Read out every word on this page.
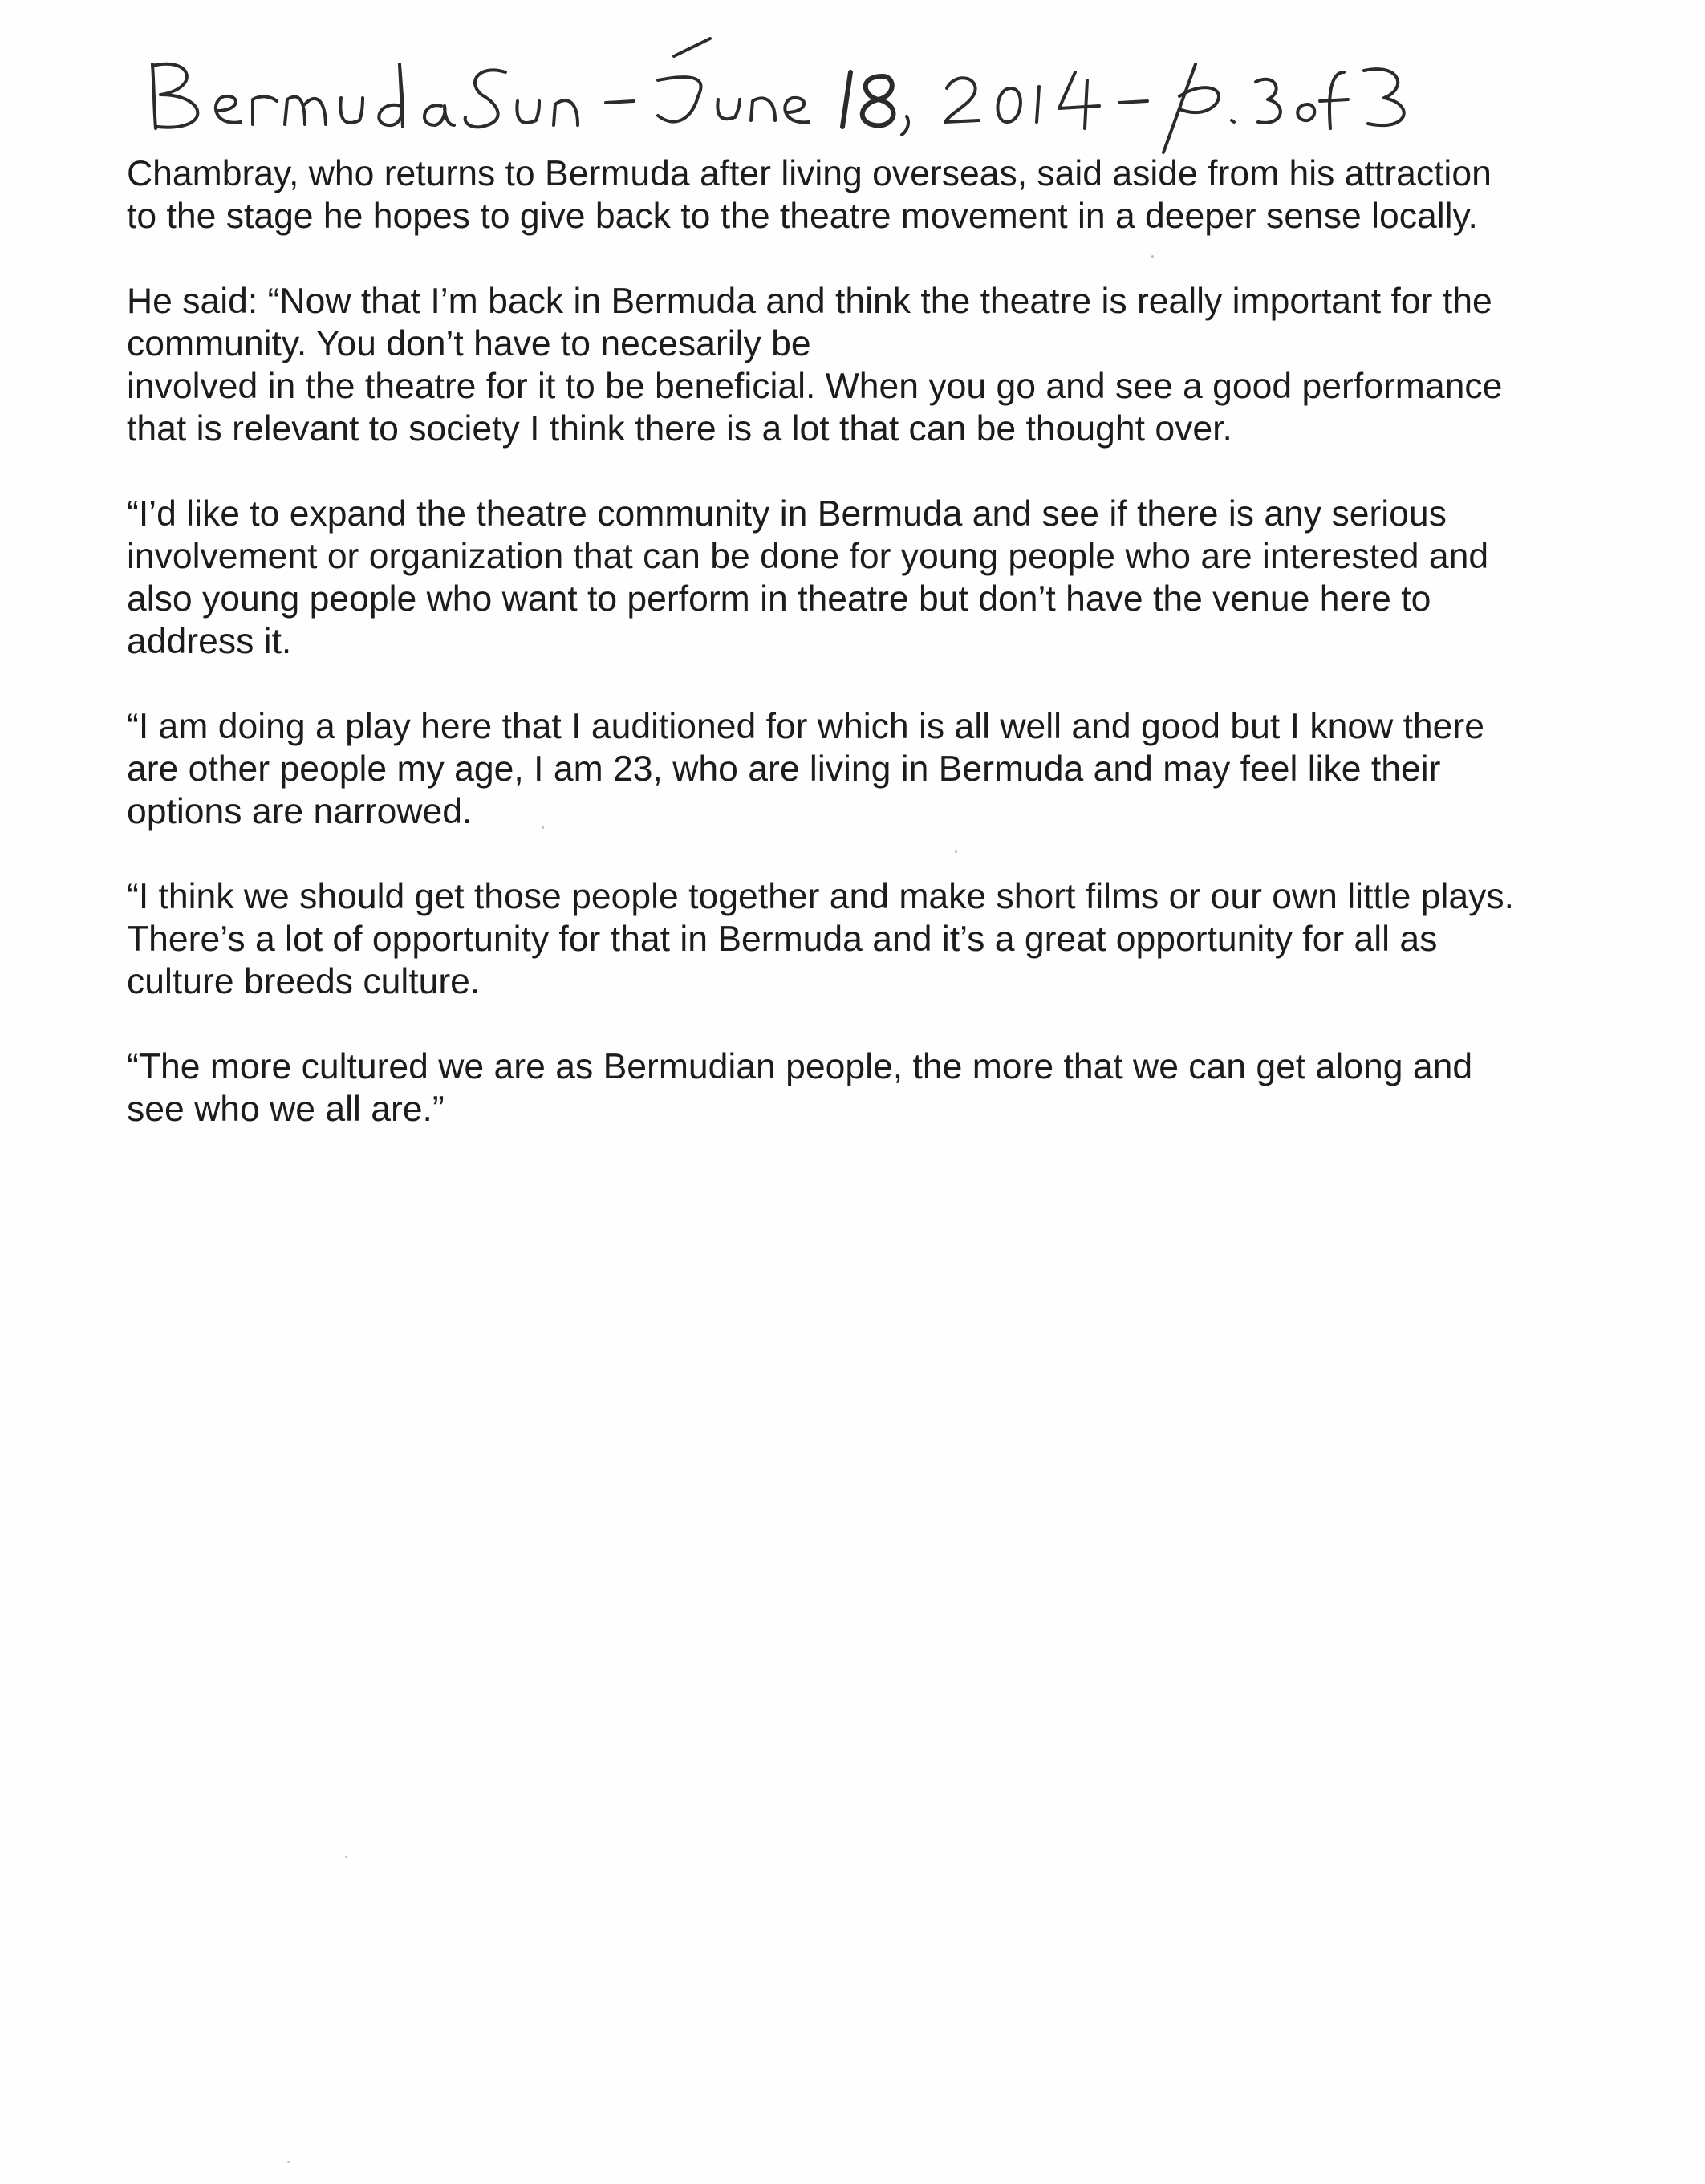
Chambray, who returns to Bermuda after living overseas, said aside from his attraction
to the stage he hopes to give back to the theatre movement in a deeper sense locally.

He said: “Now that I’m back in Bermuda and think the theatre is really important for the
community. You don’t have to necesarily be
involved in the theatre for it to be beneficial. When you go and see a good performance
that is relevant to society I think there is a lot that can be thought over.

“I’d like to expand the theatre community in Bermuda and see if there is any serious
involvement or organization that can be done for young people who are interested and
also young people who want to perform in theatre but don’t have the venue here to
address it.

“I am doing a play here that I auditioned for which is all well and good but I know there
are other people my age, I am 23, who are living in Bermuda and may feel like their
options are narrowed.

“I think we should get those people together and make short films or our own little plays.
There’s a lot of opportunity for that in Bermuda and it’s a great opportunity for all as
culture breeds culture.

“The more cultured we are as Bermudian people, the more that we can get along and
see who we all are.”
